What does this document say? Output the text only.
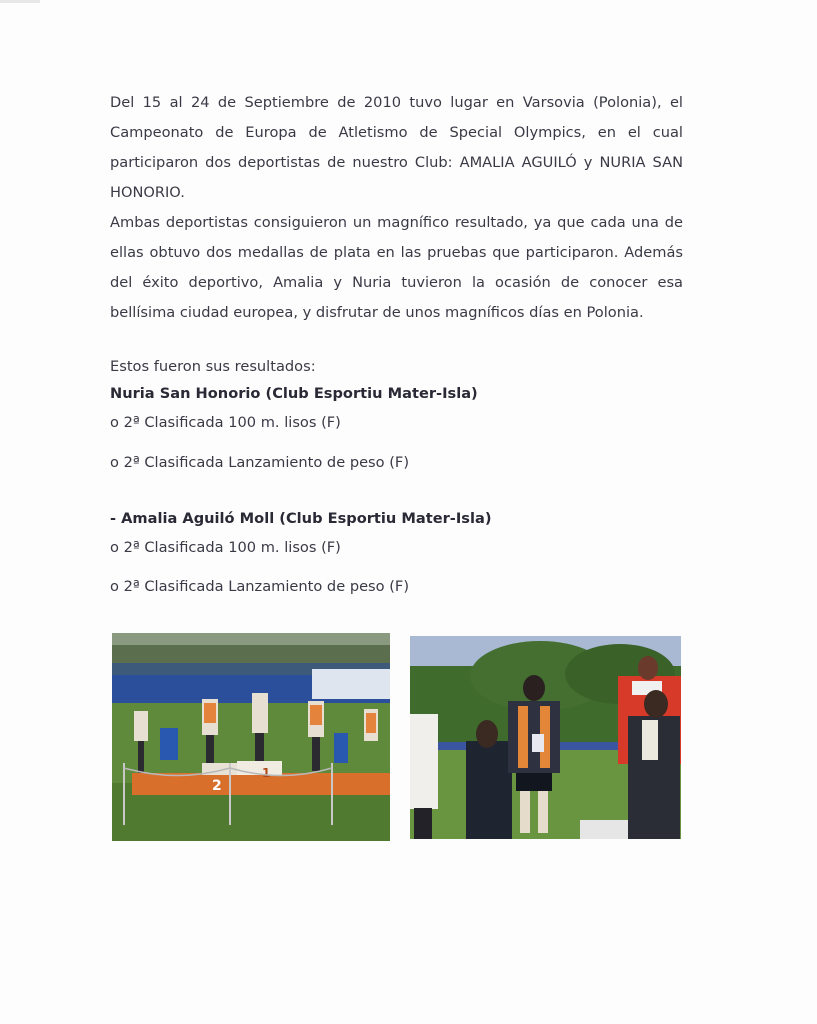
Del 15 al 24 de Septiembre de 2010 tuvo lugar en Varsovia (Polonia), el Campeonato de Europa de Atletismo de Special Olympics, en el cual participaron dos deportistas de nuestro Club: AMALIA AGUILÓ y NURIA SAN HONORIO.

Ambas deportistas consiguieron un magnífico resultado, ya que cada una de ellas obtuvo dos medallas de plata en las pruebas que participaron. Además del éxito deportivo, Amalia y Nuria tuvieron la ocasión de conocer esa bellísima ciudad europea, y disfrutar de unos magníficos días en Polonia.

Estos fueron sus resultados:

Nuria San Honorio (Club Esportiu Mater-Isla)

o 2ª Clasificada 100 m. lisos (F)

o 2ª Clasificada Lanzamiento de peso (F)

- Amalia Aguiló Moll (Club Esportiu Mater-Isla)

o 2ª Clasificada 100 m. lisos (F)

o 2ª Clasificada Lanzamiento de peso (F)

2
1
